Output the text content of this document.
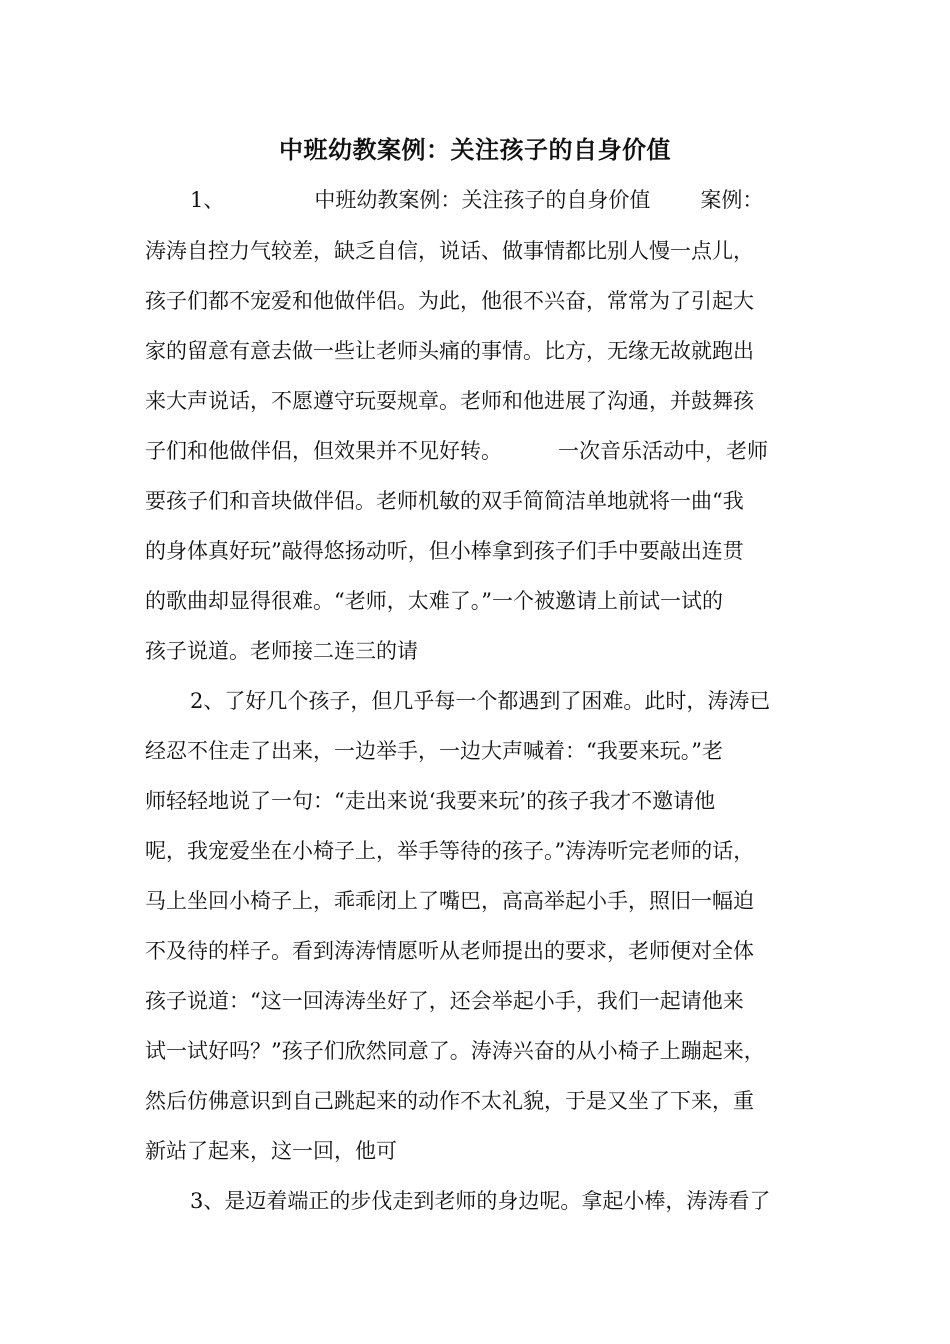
中班幼教案例：关注孩子的自身价值

1、	中班幼教案例：关注孩子的自身价值 案例：

涛涛自控力气较差，缺乏自信，说话、做事情都比别人慢一点儿，

孩子们都不宠爱和他做伴侣。为此，他很不兴奋，常常为了引起大

家的留意有意去做一些让老师头痛的事情。比方，无缘无故就跑出

来大声说话，不愿遵守玩耍规章。老师和他进展了沟通，并鼓舞孩

子们和他做伴侣，但效果并不见好转。	一次音乐活动中，老师

要孩子们和音块做伴侣。老师机敏的双手简简洁单地就将一曲“我

的身体真好玩”敲得悠扬动听，但小棒拿到孩子们手中要敲出连贯

的歌曲却显得很难。“老师，太难了。”一个被邀请上前试一试的

孩子说道。老师接二连三的请

2、了好几个孩子，但几乎每一个都遇到了困难。此时，涛涛已

经忍不住走了出来，一边举手，一边大声喊着：“我要来玩。”老

师轻轻地说了一句：“走出来说‘我要来玩’的孩子我才不邀请他

呢，我宠爱坐在小椅子上，举手等待的孩子。”涛涛听完老师的话，

马上坐回小椅子上，乖乖闭上了嘴巴，高高举起小手，照旧一幅迫

不及待的样子。看到涛涛情愿听从老师提出的要求，老师便对全体

孩子说道：“这一回涛涛坐好了，还会举起小手，我们一起请他来

试一试好吗？”孩子们欣然同意了。涛涛兴奋的从小椅子上蹦起来，

然后仿佛意识到自己跳起来的动作不太礼貌，于是又坐了下来，重

新站了起来，这一回，他可

3、是迈着端正的步伐走到老师的身边呢。拿起小棒，涛涛看了
